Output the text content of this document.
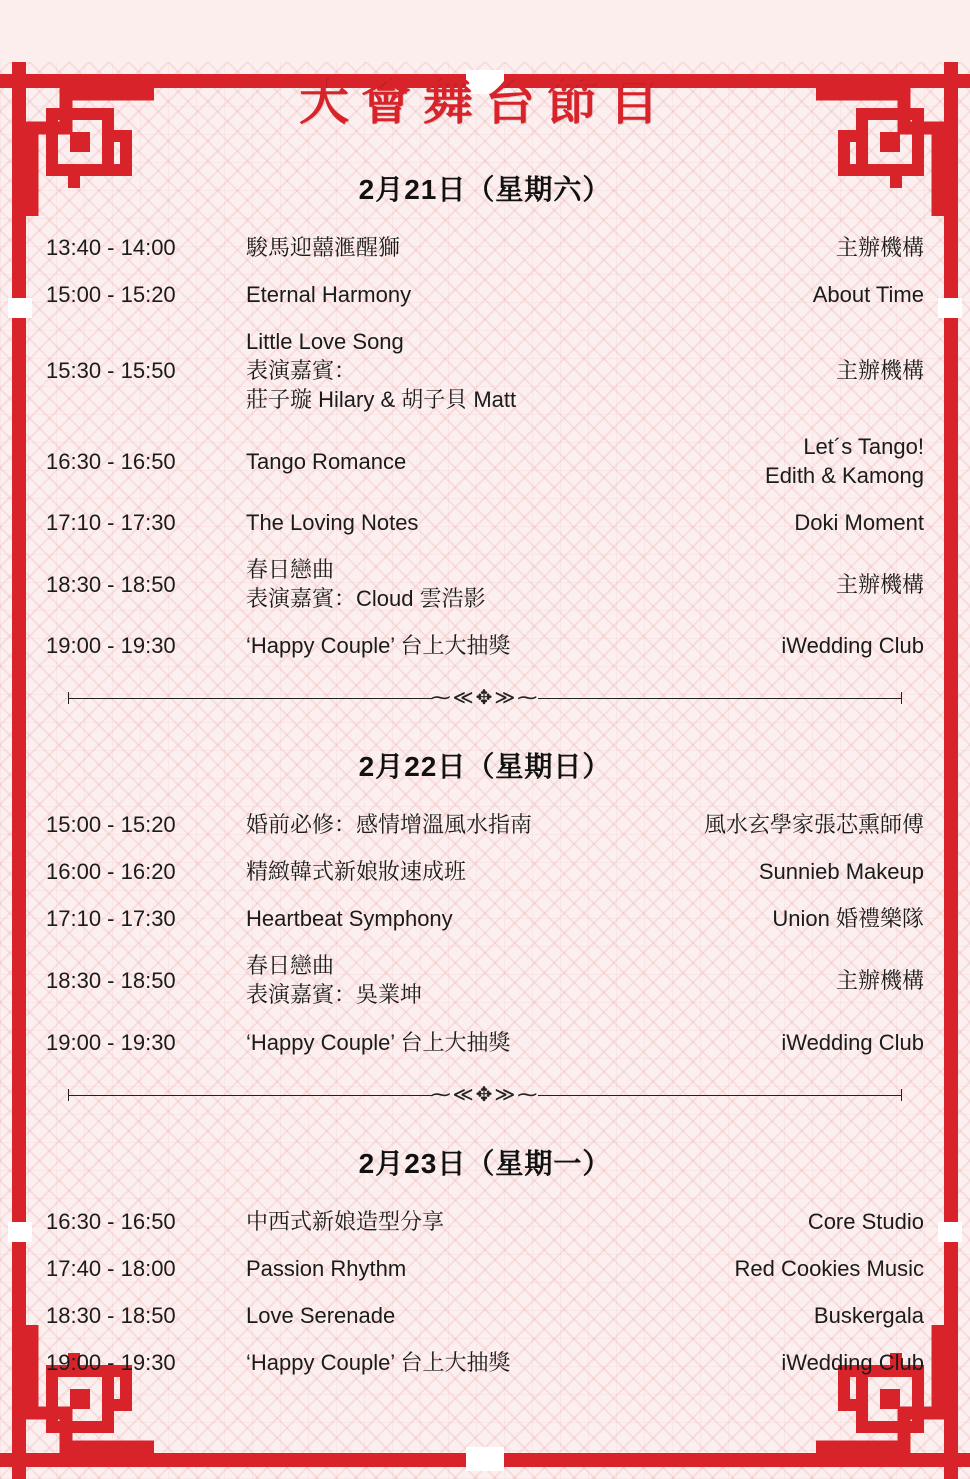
大會舞台節目
2月21日（星期六）
13:40 - 14:00	駿馬迎囍滙醒獅	主辦機構

15:00 - 15:20	Eternal Harmony	About Time

15:30 - 15:50	Little Love Song
表演嘉賓：
莊子璇 Hilary & 胡子貝 Matt	主辦機構

16:30 - 16:50	Tango Romance	Let´s Tango!
Edith & Kamong

17:10 - 17:30	The Loving Notes	Doki Moment

18:30 - 18:50	春日戀曲
表演嘉賓：Cloud 雲浩影	主辦機構

19:00 - 19:30	‘Happy Couple’ 台上大抽獎	iWedding Club
⁓≪✥≫⁓
2月22日（星期日）
15:00 - 15:20	婚前必修：感情增溫風水指南	風水玄學家張芯熏師傅

16:00 - 16:20	精緻韓式新娘妝速成班	Sunnieb Makeup

17:10 - 17:30	Heartbeat Symphony	Union 婚禮樂隊

18:30 - 18:50	春日戀曲
表演嘉賓：吳業坤	主辦機構

19:00 - 19:30	‘Happy Couple’ 台上大抽獎	iWedding Club
⁓≪✥≫⁓
2月23日（星期一）
16:30 - 16:50	中西式新娘造型分享	Core Studio

17:40 - 18:00	Passion Rhythm	Red Cookies Music

18:30 - 18:50	Love Serenade	Buskergala

19:00 - 19:30	‘Happy Couple’ 台上大抽獎	iWedding Club
